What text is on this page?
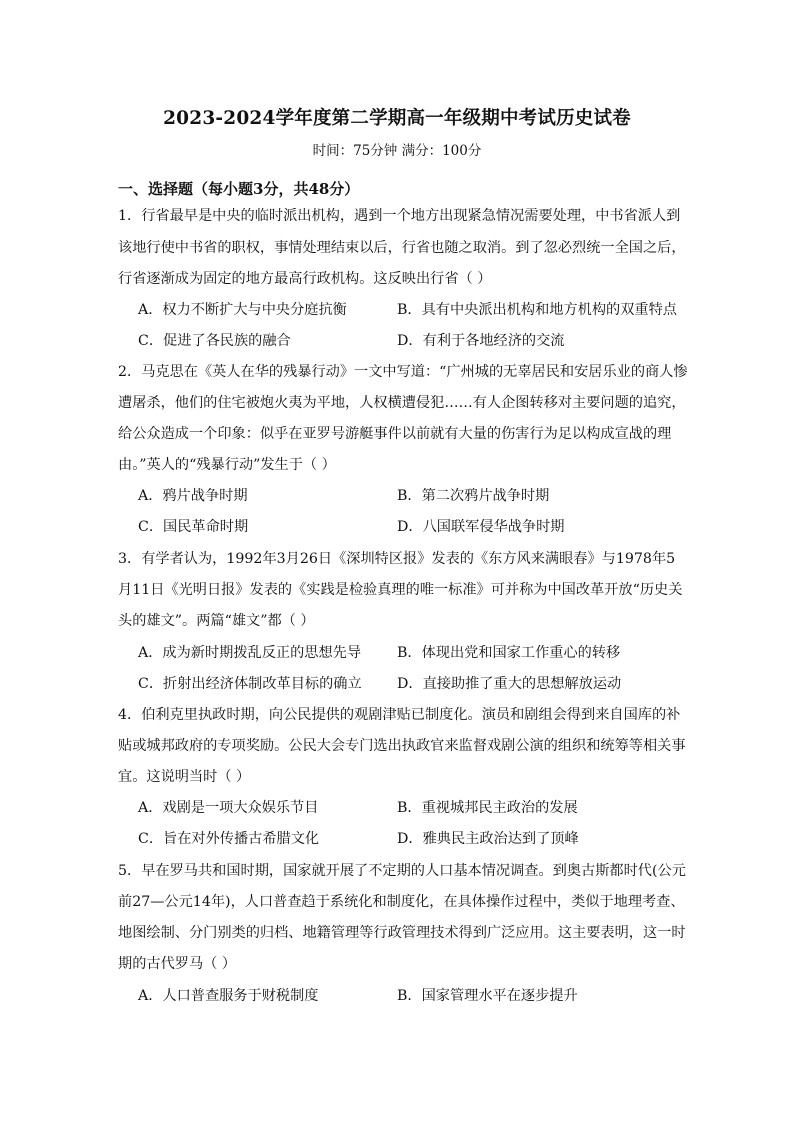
2023-2024学年度第二学期高一年级期中考试历史试卷
时间：75分钟 满分：100分
一、选择题（每小题3分，共48分）
1．行省最早是中央的临时派出机构，遇到一个地方出现紧急情况需要处理，中书省派人到
该地行使中书省的职权，事情处理结束以后，行省也随之取消。到了忽必烈统一全国之后，
行省逐渐成为固定的地方最高行政机构。这反映出行省（ ）
A．权力不断扩大与中央分庭抗衡	B．具有中央派出机构和地方机构的双重特点
C．促进了各民族的融合	D．有利于各地经济的交流
2．马克思在《英人在华的残暴行动》一文中写道：“广州城的无辜居民和安居乐业的商人惨
遭屠杀，他们的住宅被炮火夷为平地，人权横遭侵犯……有人企图转移对主要问题的追究，
给公众造成一个印象：似乎在亚罗号游艇事件以前就有大量的伤害行为足以构成宣战的理
由。”英人的“残暴行动”发生于（ ）
A．鸦片战争时期	B．第二次鸦片战争时期
C．国民革命时期	D．八国联军侵华战争时期
3．有学者认为，1992年3月26日《深圳特区报》发表的《东方风来满眼春》与1978年5
月11日《光明日报》发表的《实践是检验真理的唯一标准》可并称为中国改革开放“历史关
头的雄文”。两篇“雄文”都（ ）
A．成为新时期拨乱反正的思想先导	B．体现出党和国家工作重心的转移
C．折射出经济体制改革目标的确立 D．直接助推了重大的思想解放运动
4．伯利克里执政时期，向公民提供的观剧津贴已制度化。演员和剧组会得到来自国库的补
贴或城邦政府的专项奖励。公民大会专门选出执政官来监督戏剧公演的组织和统筹等相关事
宜。这说明当时（ ）
A．戏剧是一项大众娱乐节目	B．重视城邦民主政治的发展
C．旨在对外传播古希腊文化	D．雅典民主政治达到了顶峰
5．早在罗马共和国时期，国家就开展了不定期的人口基本情况调查。到奥古斯都时代(公元
前27—公元14年)，人口普查趋于系统化和制度化，在具体操作过程中，类似于地理考查、
地图绘制、分门别类的归档、地籍管理等行政管理技术得到广泛应用。这主要表明，这一时
期的古代罗马（ ）
A．人口普查服务于财税制度	B．国家管理水平在逐步提升
